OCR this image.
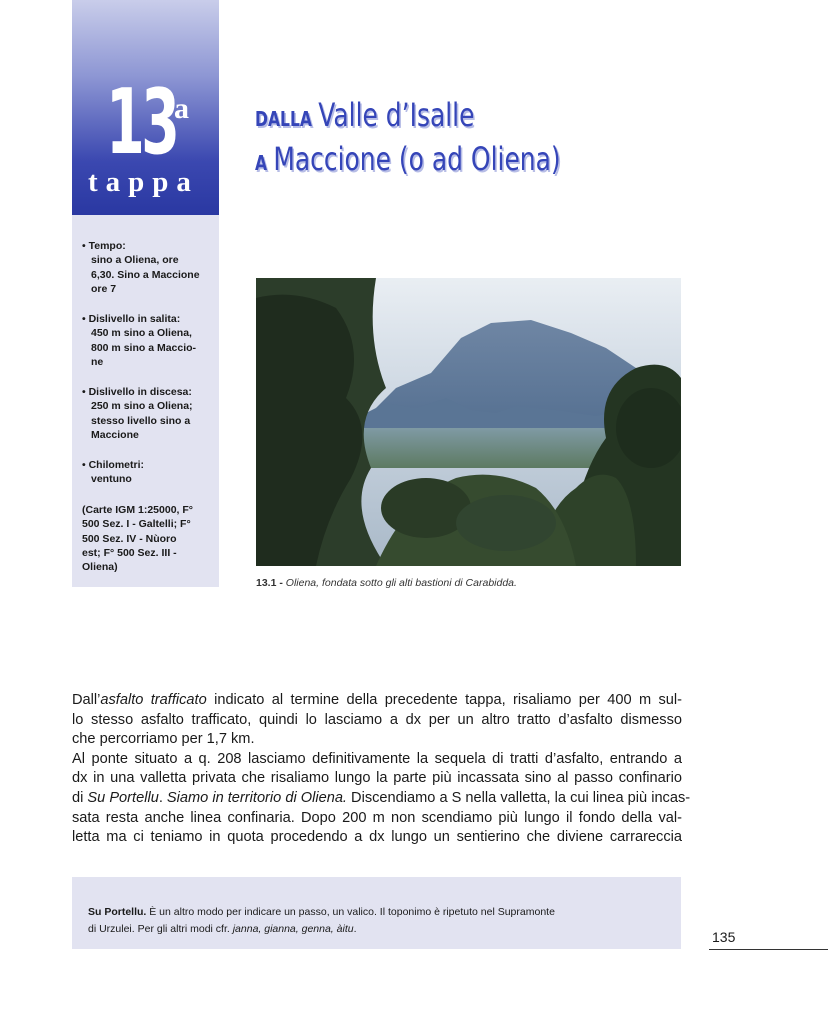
13
a
tappa
• Tempo:
sino a Oliena, ore
6,30. Sino a Maccione
ore 7
• Dislivello in salita:
450 m sino a Oliena,
800 m sino a Maccio-
ne
• Dislivello in discesa:
250 m sino a Oliena;
stesso livello sino a
Maccione
• Chilometri:
ventuno
(Carte IGM 1:25000, F°
500 Sez. I - Galtelli; F°
500 Sez. IV - Nùoro
est; F° 500 Sez. III -
Oliena)
DALLA Valle d’Isalle
A Maccione (o ad Oliena)
13.1 - Oliena, fondata sotto gli alti bastioni di Carabidda.
Dall’asfalto trafficato indicato al termine della precedente tappa, risaliamo per 400 m sul-
lo stesso asfalto trafficato, quindi lo lasciamo a dx per un altro tratto d’asfalto dismesso
che percorriamo per 1,7 km.
Al ponte situato a q. 208 lasciamo definitivamente la sequela di tratti d’asfalto, entrando a
dx in una valletta privata che risaliamo lungo la parte più incassata sino al passo confinario
di Su Portellu. Siamo in territorio di Oliena. Discendiamo a S nella valletta, la cui linea più incas-
sata resta anche linea confinaria. Dopo 200 m non scendiamo più lungo il fondo della val-
letta ma ci teniamo in quota procedendo a dx lungo un sentierino che diviene carrareccia
Su Portellu. È un altro modo per indicare un passo, un valico. Il toponimo è ripetuto nel Supramonte
di Urzulei. Per gli altri modi cfr. janna, gianna, genna, àitu.	135
